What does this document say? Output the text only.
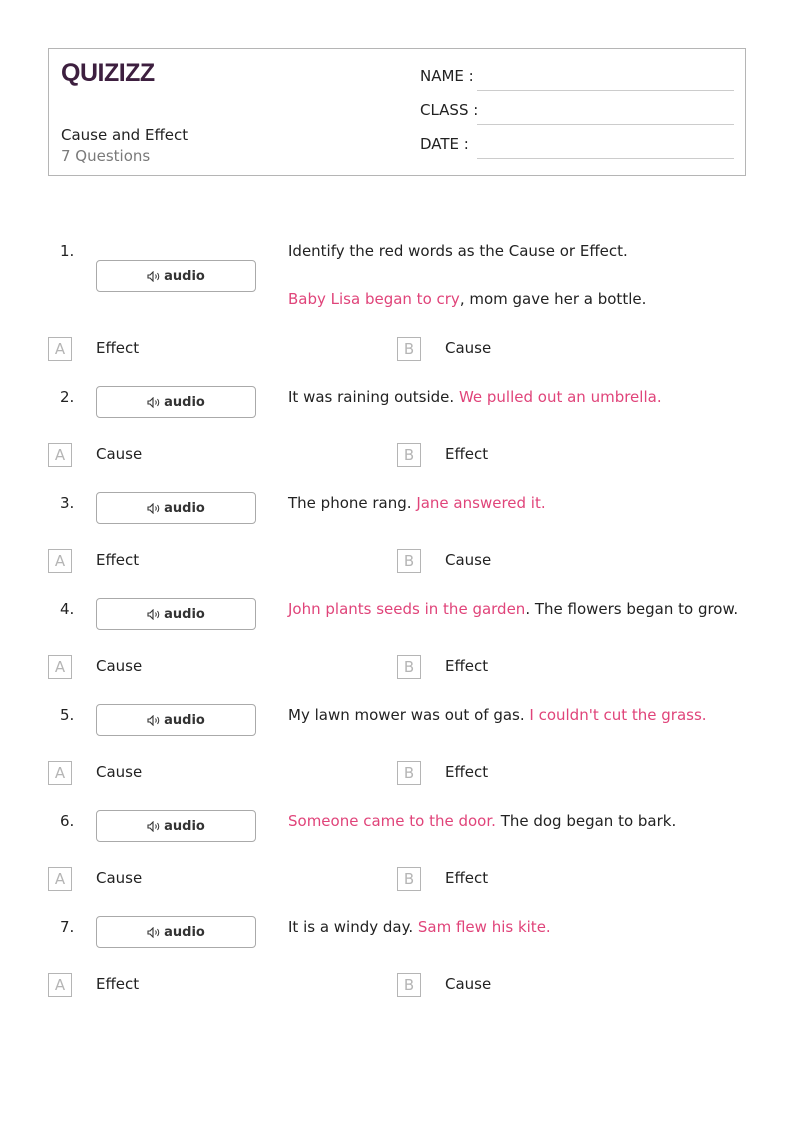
QUIZIZZ
Cause and Effect
7 Questions
NAME :
CLASS :
DATE :
1.
audio
Identify the red words as the Cause or Effect.
Baby Lisa began to cry, mom gave her a bottle.
A	Effect	B	Cause
2.	audio	It was raining outside. We pulled out an umbrella.
A	Cause	B	Effect
3.	audio	The phone rang. Jane answered it.
A	Effect	B	Cause
4.	audio	John plants seeds in the garden. The flowers began to grow.
A	Cause	B	Effect
5.	audio	My lawn mower was out of gas. I couldn't cut the grass.
A	Cause	B	Effect
6.	audio	Someone came to the door. The dog began to bark.
A	Cause	B	Effect
7.	audio	It is a windy day. Sam flew his kite.
A	Effect	B	Cause
